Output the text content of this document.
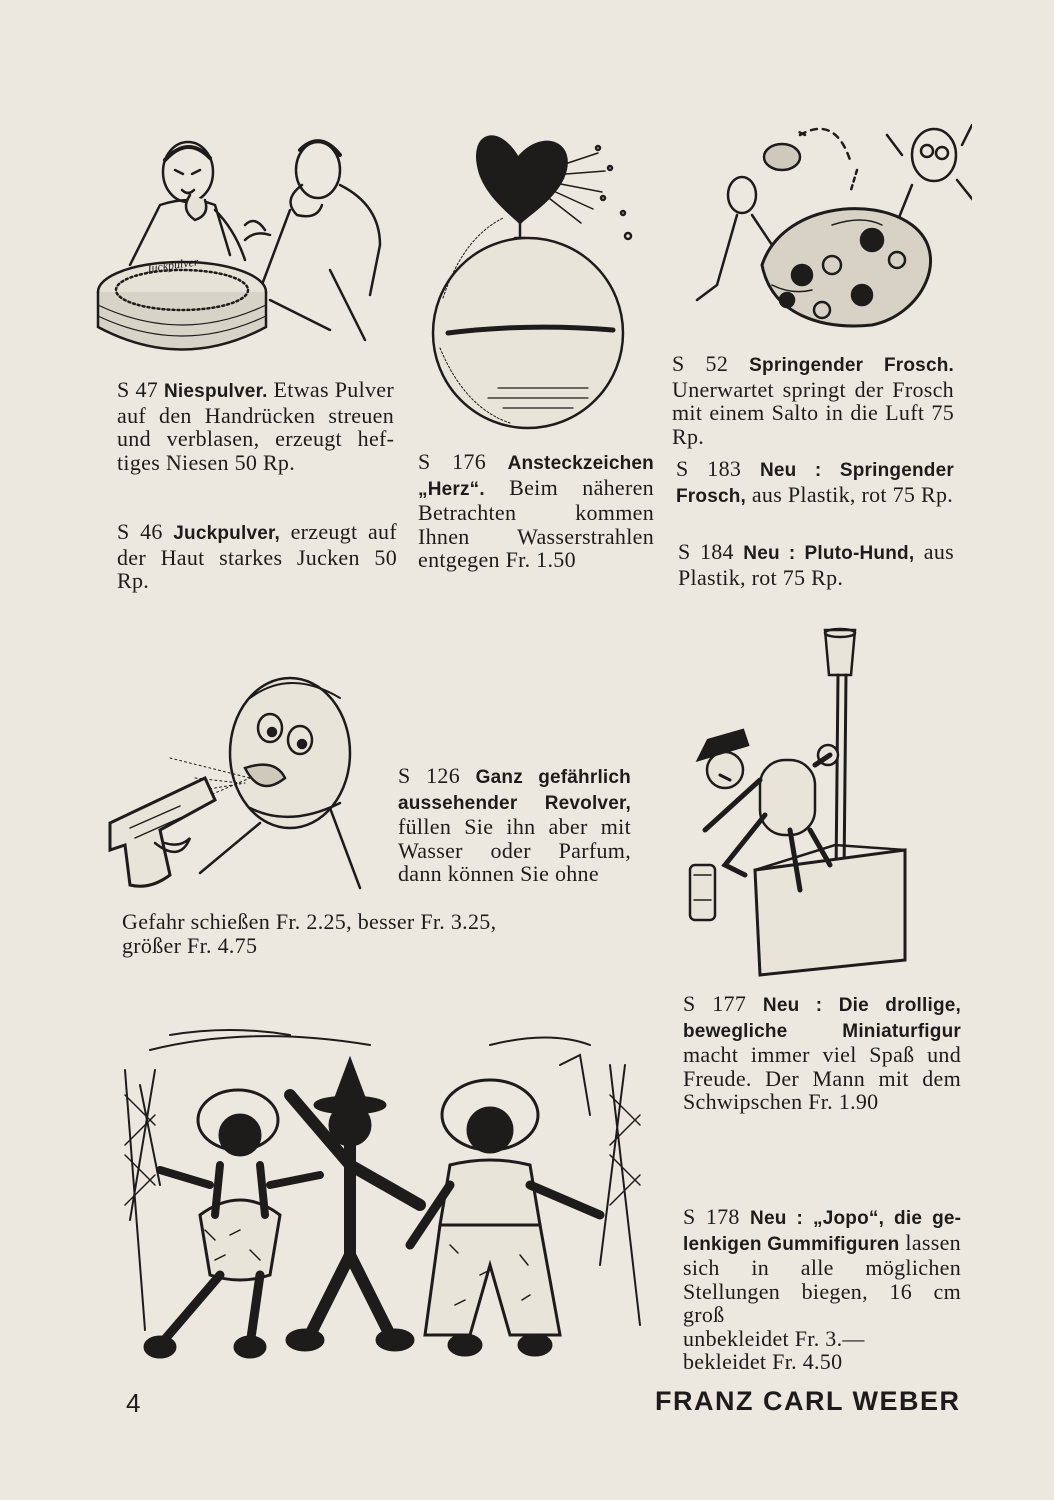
Juckpulver

S 47 Niespulver. Etwas Pulver auf den Handrücken streuen und verblasen, erzeugt heftiges Niesen 50 Rp.

S 46 Juckpulver, erzeugt auf der Haut starkes Jucken 50 Rp.

S 176 Ansteckzeichen „Herz“. Beim näheren Betrachten kommen Ihnen Wasserstrahlen entgegen Fr. 1.50

S 52 Springender Frosch. Unerwartet springt der Frosch mit einem Salto in die Luft 75 Rp.

S 183 Neu : Springender Frosch, aus Plastik, rot 75 Rp.

S 184 Neu : Pluto-Hund, aus Plastik, rot 75 Rp.

S 126 Ganz gefährlich aussehender Revolver, füllen Sie ihn aber mit Wasser oder Parfum, dann können Sie ohne

Gefahr schießen Fr. 2.25, besser Fr. 3.25,
größer Fr. 4.75

S 177 Neu : Die drollige, bewegliche Miniaturfigur macht immer viel Spaß und Freude. Der Mann mit dem Schwipschen Fr. 1.90

S 178 Neu : „Jopo“, die gelenkigen Gummifiguren lassen sich in alle möglichen Stellungen biegen, 16 cm groß
unbekleidet Fr. 3.—
bekleidet Fr. 4.50

4	FRANZ CARL WEBER
